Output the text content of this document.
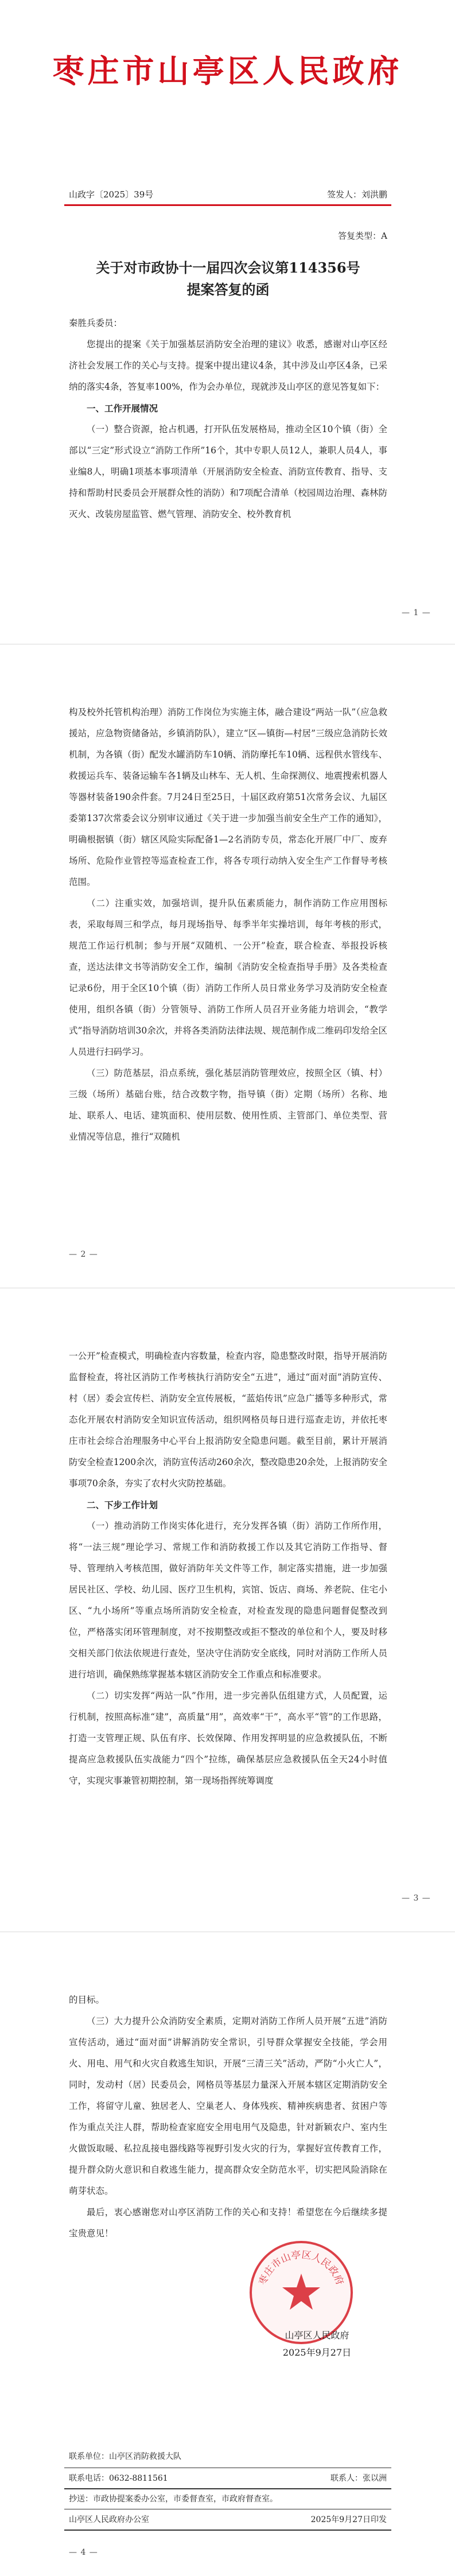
枣庄市山亭区人民政府
山政字〔2025〕39号	签发人：刘洪鹏
答复类型：A
关于对市政协十一届四次会议第114356号
提案答复的函

秦胜兵委员：

您提出的提案《关于加强基层消防安全治理的建议》收悉，感谢对山亭区经济社会发展工作的关心与支持。提案中提出建议4条，其中涉及山亭区4条，已采纳的落实4条，答复率100%，作为会办单位，现就涉及山亭区的意见答复如下：

一、工作开展情况

（一）整合资源，抢占机遇，打开队伍发展格局，推动全区10个镇（街）全部以“三定”形式设立“消防工作所”16个，其中专职人员12人，兼职人员4人，事业编8人，明确1项基本事项清单（开展消防安全检查、消防宣传教育、指导、支持和帮助村民委员会开展群众性的消防）和7项配合清单（校园周边治理、森林防灭火、改装房屋监管、燃气管理、消防安全、校外教育机

— 1 —

构及校外托管机构治理）消防工作岗位为实施主体，融合建设“两站一队”（应急救援站，应急物资储备站，乡镇消防队），建立“区—镇街—村居”三级应急消防长效机制，为各镇（街）配发水罐消防车10辆、消防摩托车10辆、远程供水管线车、救援运兵车、装备运输车各1辆及山林车、无人机、生命探测仪、地震搜索机器人等器材装备190余件套。7月24日至25日，十届区政府第51次常务会议、九届区委第137次常委会议分别审议通过《关于进一步加强当前安全生产工作的通知》，明确根据镇（街）辖区风险实际配备1—2名消防专员，常态化开展厂中厂、废弃场所、危险作业管控等巡查检查工作，将各专项行动纳入安全生产工作督导考核范围。

（二）注重实效，加强培训，提升队伍素质能力，制作消防工作应用图标表，采取每周三和学点，每月现场指导、每季半年实操培训，每年考核的形式，规范工作运行机制；参与开展“双随机、一公开”检查，联合检查、举报投诉核查，送达法律文书等消防安全工作，编制《消防安全检查指导手册》及各类检查记录6份，用于全区10个镇（街）消防工作所人员日常业务学习及消防安全检查使用，组织各镇（街）分管领导、消防工作所人员召开业务能力培训会，“教学式”指导消防培训30余次，并将各类消防法律法规、规范制作成二维码印发给全区人员进行扫码学习。

（三）防范基层，沿点系统，强化基层消防管理效应，按照全区（镇、村）三级（场所）基础台账，结合改数字物，指导镇（街）定期（场所）名称、地址、联系人、电话、建筑面积、使用层数、使用性质、主管部门、单位类型、营业情况等信息，推行“双随机

— 2 —

一公开”检查模式，明确检查内容数量，检查内容，隐患整改时限，指导开展消防监督检查，将社区消防工作考核执行消防安全“五进”，通过“面对面”消防宣传、村（居）委会宣传栏、消防安全宣传展板，“蓝焰传讯”应急广播等多种形式，常态化开展农村消防安全知识宣传活动，组织网格员每日进行巡查走访，并依托枣庄市社会综合治理服务中心平台上报消防安全隐患问题。截至目前，累计开展消防安全检查1200余次，消防宣传活动260余次，整改隐患20余处，上报消防安全事项70余条，夯实了农村火灾防控基础。

二、下步工作计划

（一）推动消防工作岗实体化进行，充分发挥各镇（街）消防工作所作用，将“一法三规”理论学习、常规工作和消防救援工作以及其它消防工作指导、督导、管理纳入考核范围，做好消防年关文件等工作，制定落实措施，进一步加强居民社区、学校、幼儿园、医疗卫生机构，宾馆、饭店、商场、养老院、住宅小区、“九小场所”等重点场所消防安全检查，对检查发现的隐患问题督促整改到位，严格落实闭环管理制度，对不按期整改或拒不整改的单位和个人，要及时移交相关部门依法依规进行查处，坚决守住消防安全底线，同时对消防工作所人员进行培训，确保熟练掌握基本辖区消防安全工作重点和标准要求。

（二）切实发挥“两站一队”作用，进一步完善队伍组建方式，人员配置，运行机制，按照高标准“建”，高质量“用”，高效率“干”，高水平“管”的工作思路，打造一支管理正规、队伍有序、长效保障、作用发挥明显的应急救援队伍，不断提高应急救援队伍实战能力“四个”拉练，确保基层应急救援队伍全天24小时值守，实现灾事兼管初期控制，第一现场指挥统筹调度

— 3 —

的目标。

（三）大力提升公众消防安全素质，定期对消防工作所人员开展“五进”消防宣传活动，通过“面对面”讲解消防安全常识，引导群众掌握安全技能，学会用火、用电、用气和火灾自救逃生知识，开展“三清三关”活动，严防“小火亡人”，同时，发动村（居）民委员会，网格员等基层力量深入开展本辖区定期消防安全工作，将留守儿童、独居老人、空巢老人、身体残疾、精神疾病患者、贫困户等作为重点关注人群，帮助检查家庭安全用电用气及隐患，针对新颖农户、室内生火做饭取暖、私拉乱接电器线路等视野引发火灾的行为，掌握好宣传教育工作，提升群众防火意识和自救逃生能力，提高群众安全防范水平，切实把风险消除在萌芽状态。

最后，衷心感谢您对山亭区消防工作的关心和支持！希望您在今后继续多提宝贵意见！

枣庄市山亭区人民政府
山亭区人民政府
2025年9月27日
联系单位：山亭区消防救援大队
联系电话：0632-8811561	联系人：张以洲
抄送：市政协提案委办公室，市委督查室，市政府督查室。
山亭区人民政府办公室	2025年9月27日印发
— 4 —
